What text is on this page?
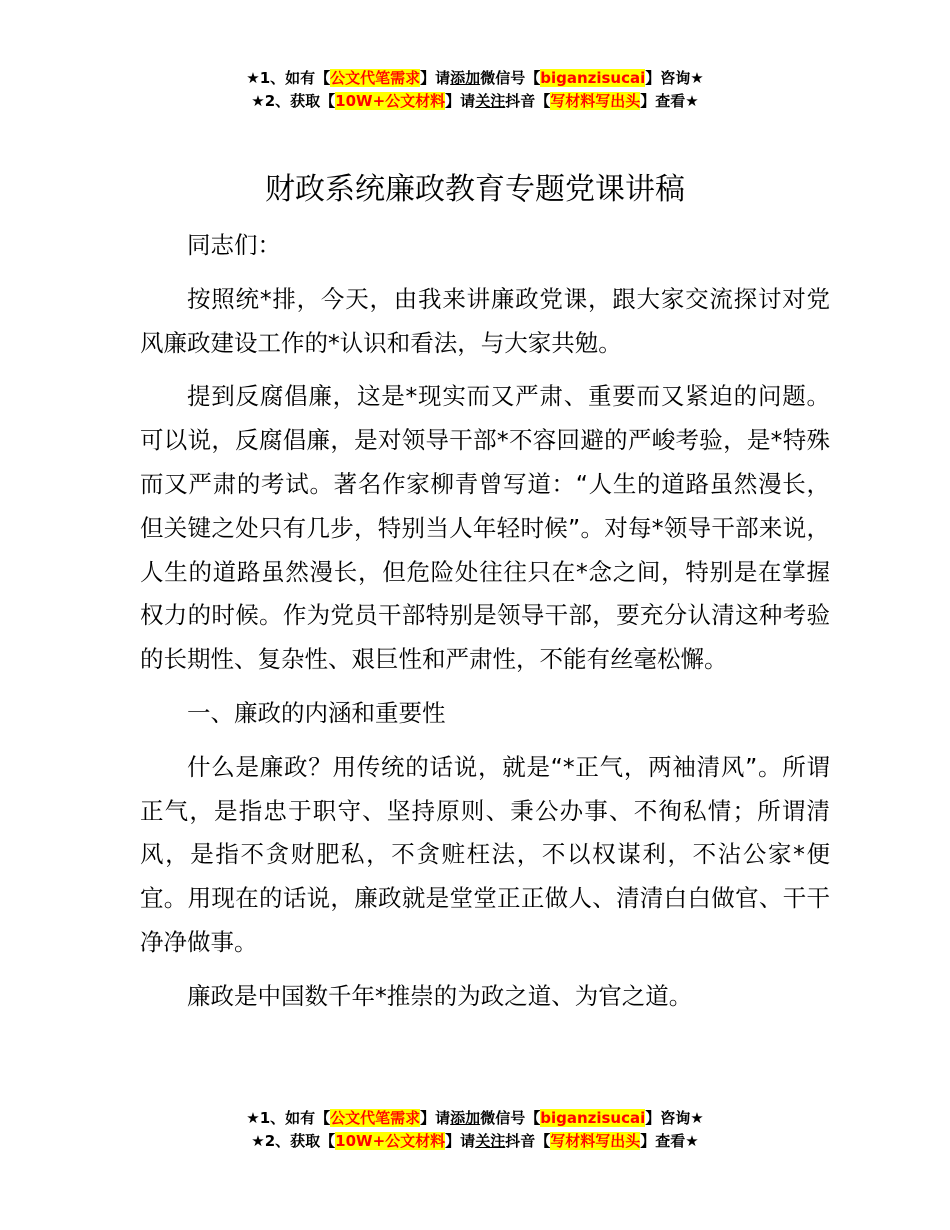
★1、如有【公文代笔需求】请添加微信号【biganzisucai】咨询★
★2、获取【10W+公文材料】请关注抖音【写材料写出头】查看★
财政系统廉政教育专题党课讲稿

同志们：

按照统*排，今天，由我来讲廉政党课，跟大家交流探讨对党风廉政建设工作的*认识和看法，与大家共勉。

提到反腐倡廉，这是*现实而又严肃、重要而又紧迫的问题。可以说，反腐倡廉，是对领导干部*不容回避的严峻考验，是*特殊而又严肃的考试。著名作家柳青曾写道：“人生的道路虽然漫长，但关键之处只有几步，特别当人年轻时候”。对每*领导干部来说，人生的道路虽然漫长，但危险处往往只在*念之间，特别是在掌握权力的时候。作为党员干部特别是领导干部，要充分认清这种考验的长期性、复杂性、艰巨性和严肃性，不能有丝毫松懈。

一、廉政的内涵和重要性

什么是廉政？用传统的话说，就是“*正气，两袖清风”。所谓正气，是指忠于职守、坚持原则、秉公办事、不徇私情；所谓清风，是指不贪财肥私，不贪赃枉法，不以权谋利，不沾公家*便宜。用现在的话说，廉政就是堂堂正正做人、清清白白做官、干干净净做事。

廉政是中国数千年*推崇的为政之道、为官之道。

★1、如有【公文代笔需求】请添加微信号【biganzisucai】咨询★
★2、获取【10W+公文材料】请关注抖音【写材料写出头】查看★
